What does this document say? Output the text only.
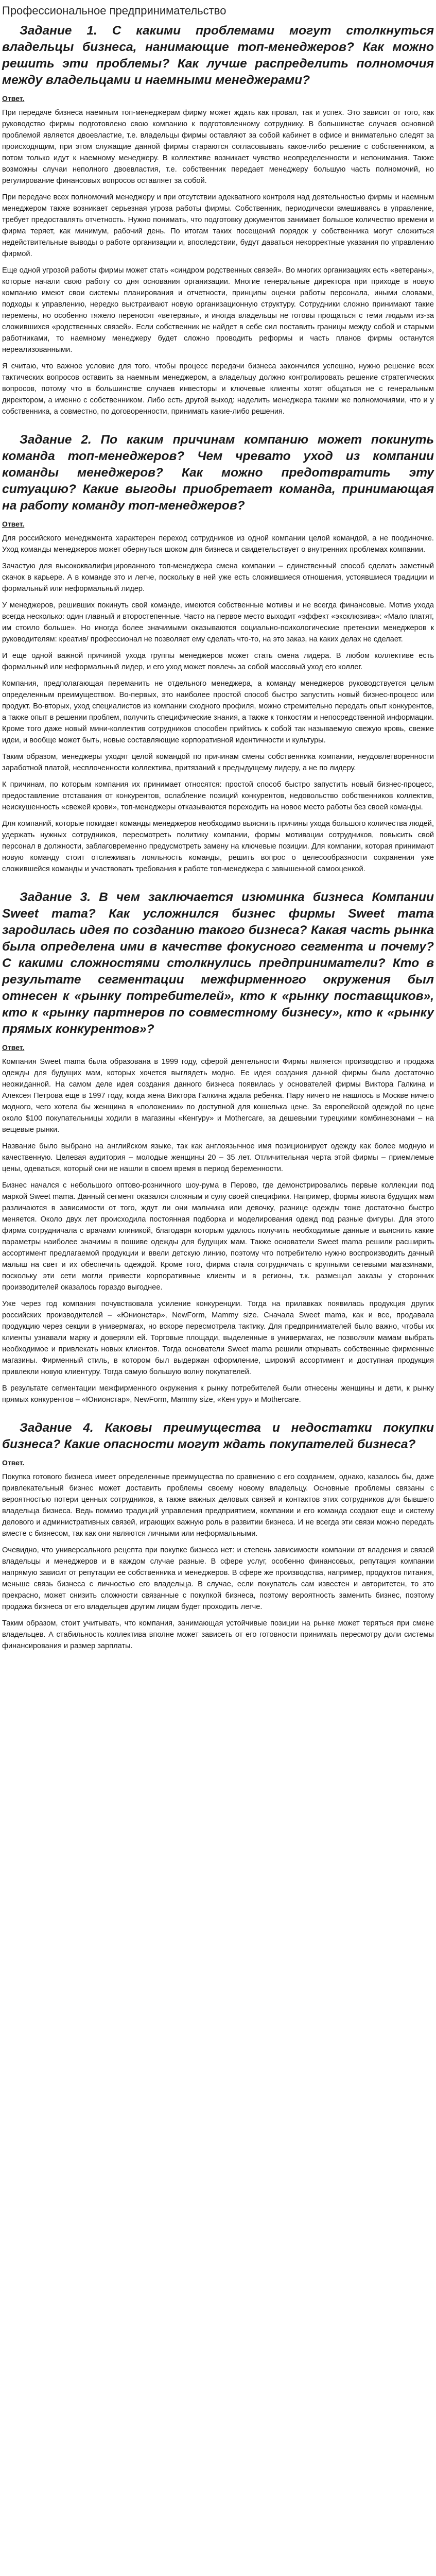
Профессиональное предпринимательство
Задание 1. С какими проблемами могут столкнуться владельцы бизнеса, нанимающие топ-менеджеров? Как можно решить эти проблемы? Как лучше распределить полномочия между владельцами и наемными менеджерами?
Ответ.
При передаче бизнеса наемным топ-менеджерам фирму может ждать как провал, так и успех. Это зависит от того, как руководство фирмы подготовлено свою компанию к подготовленному сотруднику. В большинстве случаев основной проблемой является двоевластие, т.е. владельцы фирмы оставляют за собой кабинет в офисе и внимательно следят за происходящим, при этом служащие данной фирмы стараются согласовывать какое-либо решение с собственником, а потом только идут к наемному менеджеру. В коллективе возникает чувство неопределенности и непонимания. Также возможны случаи неполного двоевластия, т.е. собственник передает менеджеру большую часть полномочий, но регулирование финансовых вопросов оставляет за собой.
При передаче всех полномочий менеджеру и при отсутствии адекватного контроля над деятельностью фирмы и наемным менеджером также возникает серьезная угроза работы фирмы. Собственник, периодически вмешиваясь в управление, требует предоставлять отчетность. Нужно понимать, что подготовку документов занимает большое количество времени и фирма теряет, как минимум, рабочий день. По итогам таких посещений порядок у собственника могут сложиться недействительные выводы о работе организации и, впоследствии, будут даваться некорректные указания по управлению фирмой.
Еще одной угрозой работы фирмы может стать «синдром родственных связей». Во многих организациях есть «ветераны», которые начали свою работу со дня основания организации. Многие генеральные директора при приходе в новую компанию имеют свои системы планирования и отчетности, принципы оценки работы персонала, иными словами, подходы к управлению, нередко выстраивают новую организационную структуру. Сотрудники сложно принимают такие перемены, но особенно тяжело переносят «ветераны», и иногда владельцы не готовы прощаться с теми людьми из-за сложившихся «родственных связей». Если собственник не найдет в себе сил поставить границы между собой и старыми работниками, то наемному менеджеру будет сложно проводить реформы и часть планов фирмы останутся нереализованными.
Я считаю, что важное условие для того, чтобы процесс передачи бизнеса закончился успешно, нужно решение всех тактических вопросов оставить за наемным менеджером, а владельцу должно контролировать решение стратегических вопросов, потому что в большинстве случаев инвесторы и ключевые клиенты хотят общаться не с генеральным директором, а именно с собственником. Либо есть другой выход: наделить менеджера такими же полномочиями, что и у собственника, а совместно, по договоренности, принимать какие-либо решения.
Задание 2. По каким причинам компанию может покинуть команда топ-менеджеров? Чем чревато уход из компании команды менеджеров? Как можно предотвратить эту ситуацию? Какие выгоды приобретает команда, принимающая на работу команду топ-менеджеров?
Ответ.
Для российского менеджмента характерен переход сотрудников из одной компании целой командой, а не поодиночке. Уход команды менеджеров может обернуться шоком для бизнеса и свидетельствует о внутренних проблемах компании.
Зачастую для высококвалифицированного топ-менеджера смена компании – единственный способ сделать заметный скачок в карьере. А в команде это и легче, поскольку в ней уже есть сложившиеся отношения, устоявшиеся традиции и формальный или неформальный лидер.
У менеджеров, решивших покинуть свой команде, имеются собственные мотивы и не всегда финансовые. Мотив ухода всегда несколько: один главный и второстепенные. Часто на первое место выходит «эффект «эксклюзива»: «Мало платят, им стоило больше». Но иногда более значимыми оказываются социально-психологические претензии менеджеров к руководителям: креатив/ профессионал не позволяет ему сделать что-то, на это заказ, на каких делах не сделает.
И еще одной важной причиной ухода группы менеджеров может стать смена лидера. В любом коллективе есть формальный или неформальный лидер, и его уход может повлечь за собой массовый уход его коллег.
Компания, предполагающая переманить не отдельного менеджера, а команду менеджеров руководствуется целым определенным преимуществом. Во-первых, это наиболее простой способ быстро запустить новый бизнес-процесс или продукт. Во-вторых, уход специалистов из компании сходного профиля, можно стремительно передать опыт конкурентов, а также опыт в решении проблем, получить специфические знания, а также к тонкостям и непосредственной информации. Кроме того даже новый мини-коллектив сотрудников способен прийтись к собой так называемую свежую кровь, свежие идеи, и вообще может быть, новые составляющие корпоративной идентичности и культуры.
Таким образом, менеджеры уходят целой командой по причинам смены собственника компании, неудовлетворенности заработной платой, несплоченности коллектива, притязаний к предыдущему лидеру, а не по лидеру.
К причинам, по которым компания их принимает относятся: простой способ быстро запустить новый бизнес-процесс, предоставление отставания от конкурентов, ослабление позиций конкурентов, недовольство собственников коллектив, неискушенность «свежей крови», топ-менеджеры отказываются переходить на новое место работы без своей команды.
Для компаний, которые покидает команды менеджеров необходимо выяснить причины ухода большого количества людей, удержать нужных сотрудников, пересмотреть политику компании, формы мотивации сотрудников, повысить свой персонал в должности, заблаговременно предусмотреть замену на ключевые позиции. Для компании, которая принимают новую команду стоит отслеживать лояльность команды, решить вопрос о целесообразности сохранения уже сложившейся команды и участвовать требования к работе топ-менеджера с завышенной самооценкой.
Задание 3. В чем заключается изюминка бизнеса Компании Sweet mama? Как усложнился бизнес фирмы Sweet mama зародилась идея по созданию такого бизнеса? Какая часть рынка была определена ими в качестве фокусного сегмента и почему? С какими сложностями столкнулись предприниматели? Кто в результате сегментации межфирменного окружения был отнесен к «рынку потребителей», кто к «рынку поставщиков», кто к «рынку партнеров по совместному бизнесу», кто к «рынку прямых конкурентов»?
Ответ.
Компания Sweet mama была образована в 1999 году, сферой деятельности Фирмы является производство и продажа одежды для будущих мам, которых хочется выглядеть модно. Ее идея создания данной фирмы была достаточно неожиданной. На самом деле идея создания данного бизнеса появилась у основателей фирмы Виктора Галкина и Алексея Петрова еще в 1997 году, когда жена Виктора Галкина ждала ребенка. Пару ничего не нашлось в Москве ничего модного, чего хотела бы женщина в «положении» по доступной для кошелька цене. За европейской одеждой по цене около $100 покупательницы ходили в магазины «Кенгуру» и Mothercare, за дешевыми турецкими комбинезонами – на вещевые рынки.
Название было выбрано на английском языке, так как англоязычное имя позиционирует одежду как более модную и качественную. Целевая аудитория – молодые женщины 20 – 35 лет. Отличительная черта этой фирмы – приемлемые цены, одеваться, который они не нашли в своем время в период беременности.
Бизнес начался с небольшого оптово-розничного шоу-рума в Перово, где демонстрировались первые коллекции под маркой Sweet mama. Данный сегмент оказался сложным и сулу своей специфики. Например, формы живота будущих мам различаются в зависимости от того, ждут ли они мальчика или девочку, разнице одежды тоже достаточно быстро меняется. Около двух лет происходила постоянная подборка и моделирования одежд под разные фигуры. Для этого фирма сотрудничала с врачами клиникой, благодаря которым удалось получить необходимые данные и выяснить какие параметры наиболее значимы в пошиве одежды для будущих мам. Также основатели Sweet mama решили расширить ассортимент предлагаемой продукции и ввели детскую линию, поэтому что потребителю нужно воспроизводить дачный малыш на свет и их обеспечить одеждой. Кроме того, фирма стала сотрудничать с крупными сетевыми магазинами, поскольку эти сети могли привести корпоративные клиенты и в регионы, т.к. размещал заказы у сторонних производителей оказалось гораздо выгоднее.
Уже через год компания почувствовала усиление конкуренции. Тогда на прилавках появилась продукция других российских производителей – «Юнионстар», NewForm, Mammy size. Сначала Sweet mama, как и все, продавала продукцию через секции в универмагах, но вскоре пересмотрела тактику. Для предпринимателей было важно, чтобы их клиенты узнавали марку и доверяли ей. Торговые площади, выделенные в универмагах, не позволяли мамам выбрать необходимое и привлекать новых клиентов. Тогда основатели Sweet mama решили открывать собственные фирменные магазины. Фирменный стиль, в котором был выдержан оформление, широкий ассортимент и доступная продукция привлекли новую клиентуру. Тогда самую большую волну покупателей.
В результате сегментации межфирменного окружения к рынку потребителей были отнесены женщины и дети, к рынку прямых конкурентов – «Юнионстар», NewForm, Mammy size, «Кенгуру» и Mothercare.
Задание 4. Каковы преимущества и недостатки покупки бизнеса? Какие опасности могут ждать покупателей бизнеса?
Ответ.
Покупка готового бизнеса имеет определенные преимущества по сравнению с его созданием, однако, казалось бы, даже привлекательный бизнес может доставить проблемы своему новому владельцу. Основные проблемы связаны с вероятностью потери ценных сотрудников, а также важных деловых связей и контактов этих сотрудников для бывшего владельца бизнеса. Ведь помимо традиций управления предприятием, компании и его команда создают еще и систему делового и административных связей, играющих важную роль в развитии бизнеса. И не всегда эти связи можно передать вместе с бизнесом, так как они являются личными или неформальными.
Очевидно, что универсального рецепта при покупке бизнеса нет: и степень зависимости компании от владения и связей владельцы и менеджеров и в каждом случае разные. В сфере услуг, особенно финансовых, репутация компании напрямую зависит от репутации ее собственника и менеджеров. В сфере же производства, например, продуктов питания, меньше связь бизнеса с личностью его владельца. В случае, если покупатель сам известен и авторитетен, то это прекрасно, может снизить сложности связанные с покупкой бизнеса, поэтому вероятность заменить бизнес, поэтому продажа бизнеса от его владельцев другим лицам будет проходить легче.
Таким образом, стоит учитывать, что компания, занимающая устойчивые позиции на рынке может теряться при смене владельцев. А стабильность коллектива вполне может зависеть от его готовности принимать пересмотру доли системы финансирования и размер зарплаты.
